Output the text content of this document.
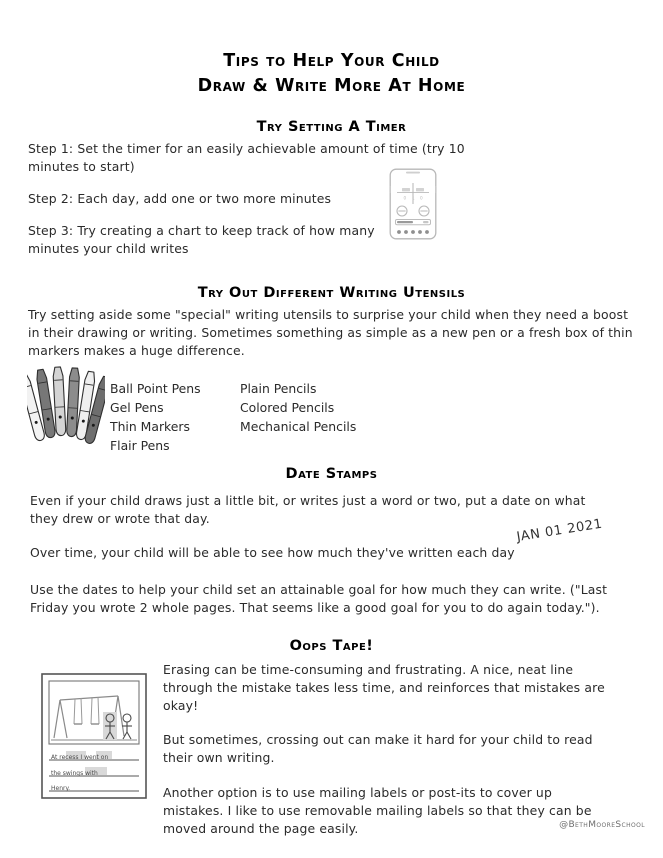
Tips to Help Your Child
Draw & Write More At Home
Try Setting A Timer

Step 1: Set the timer for an easily achievable amount of time (try 10 minutes to start)

Step 2: Each day, add one or two more minutes

Step 3: Try creating a chart to keep track of how many minutes your child writes

0 1 0
Try Out Different Writing Utensils

Try setting aside some "special" writing utensils to surprise your child when they need a boost in their drawing or writing. Sometimes something as simple as a new pen or a fresh box of thin markers makes a huge difference.

Ball Point Pens
Gel Pens
Thin Markers
Flair Pens
Plain Pencils
Colored Pencils
Mechanical Pencils
Date Stamps

Even if your child draws just a little bit, or writes just a word or two, put a date on what they drew or wrote that day.

Over time, your child will be able to see how much they've written each day

Use the dates to help your child set an attainable goal for how much they can write. ("Last Friday you wrote 2 whole pages. That seems like a good goal for you to do again today.").

JAN 01 2021
Oops Tape!
At recess I went on
the swings with
Henry.

Erasing can be time-consuming and frustrating. A nice, neat line through the mistake takes less time, and reinforces that mistakes are okay!

But sometimes, crossing out can make it hard for your child to read their own writing.

Another option is to use mailing labels or post-its to cover up mistakes. I like to use removable mailing labels so that they can be moved around the page easily.	@BethMooreSchool
